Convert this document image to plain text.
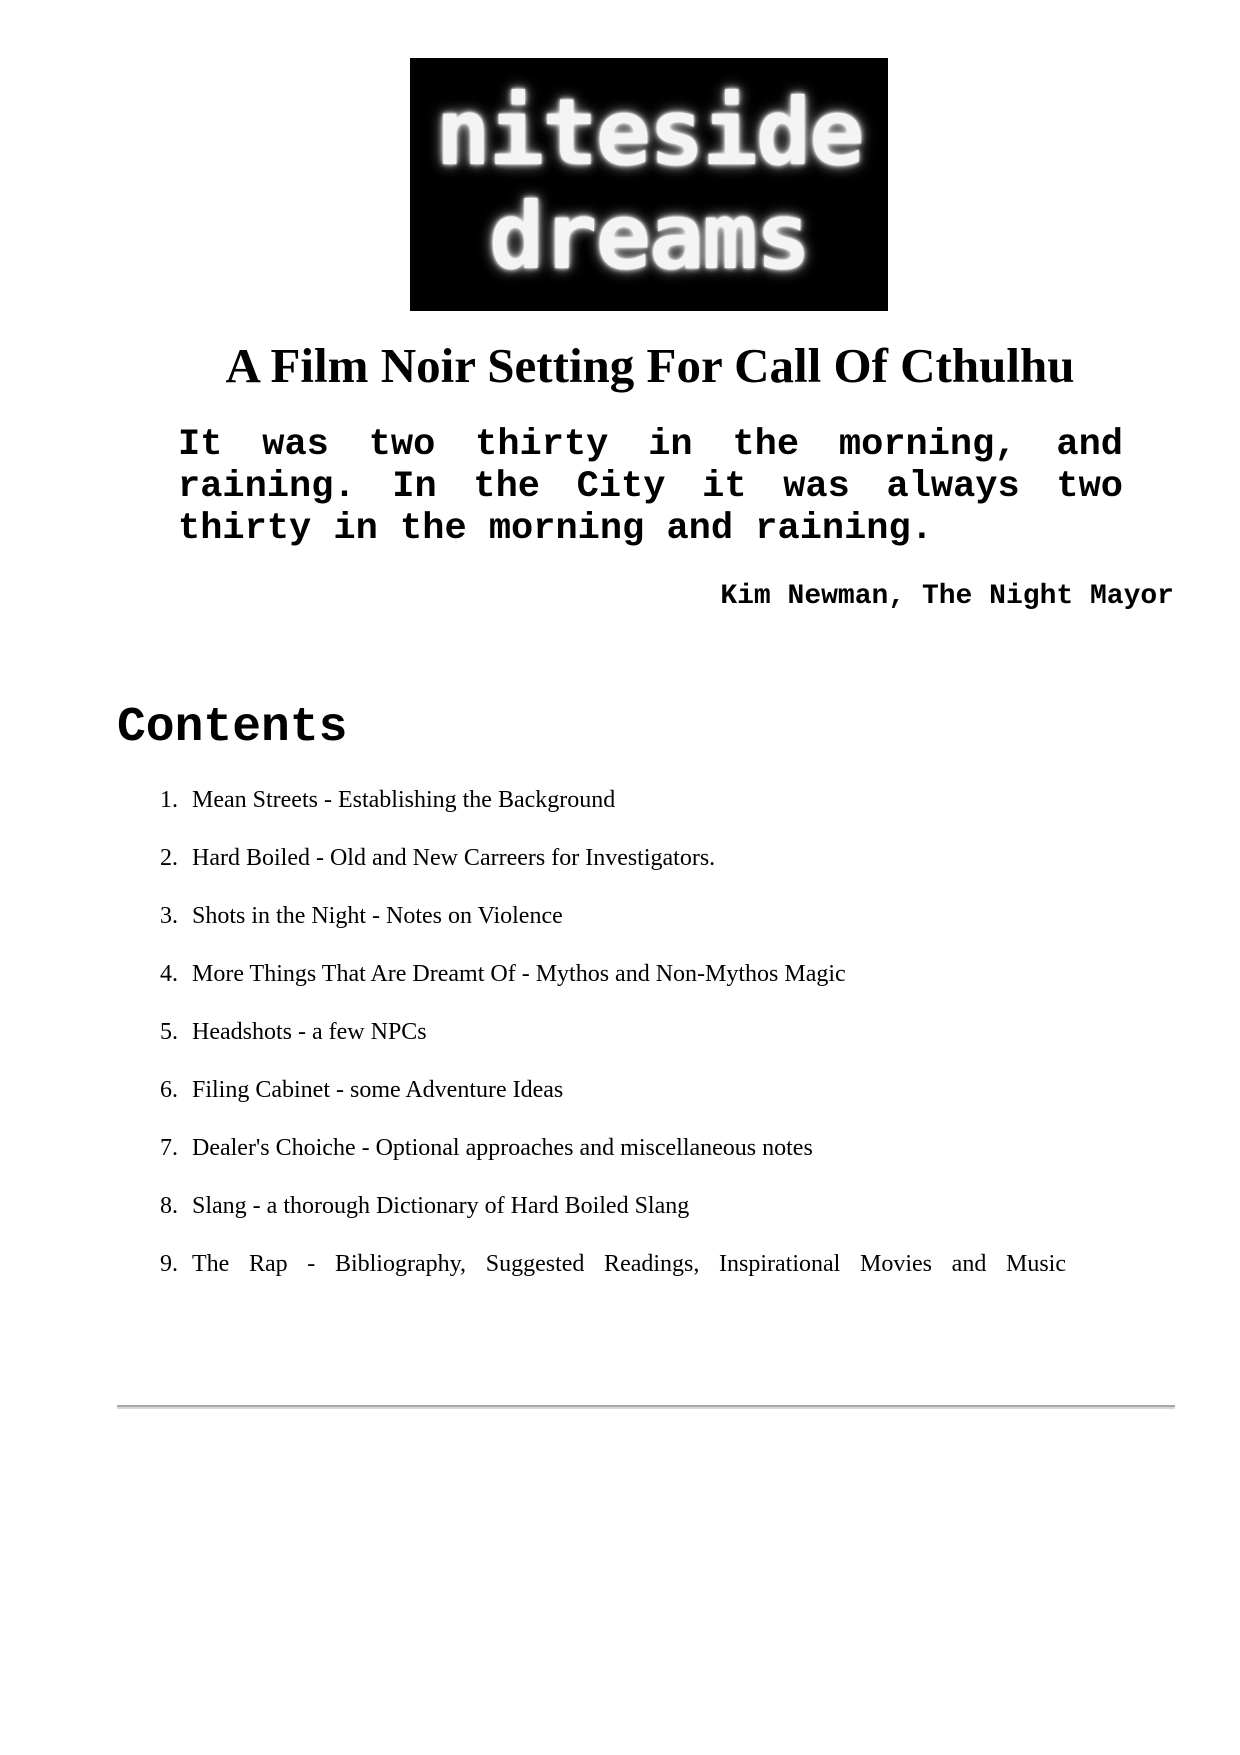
niteside
dreams
A Film Noir Setting For Call Of Cthulhu

It was two thirty in the morning, and raining. In the City it was always two thirty in the morning and raining.

Kim Newman, The Night Mayor

Contents
1. Mean Streets - Establishing the Background
2. Hard Boiled - Old and New Carreers for Investigators.
3. Shots in the Night - Notes on Violence
4. More Things That Are Dreamt Of - Mythos and Non-Mythos Magic
5. Headshots - a few NPCs
6. Filing Cabinet - some Adventure Ideas
7. Dealer's Choiche - Optional approaches and miscellaneous notes
8. Slang - a thorough Dictionary of Hard Boiled Slang
9. The Rap - Bibliography, Suggested Readings, Inspirational Movies and Music
